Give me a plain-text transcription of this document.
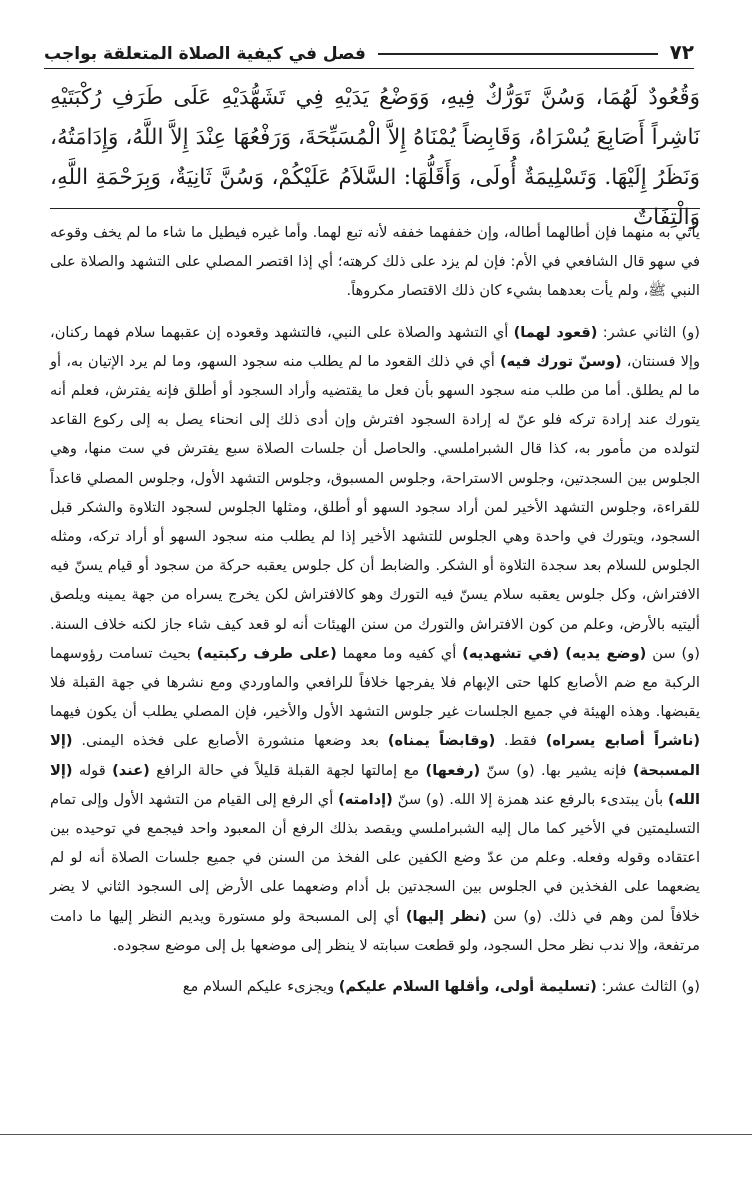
٧٢
فصل في كيفية الصلاة المتعلقة بواجب
وَقُعُودٌ لَهُمَا، وَسُنَّ تَوَرُّكٌ فِيهِ، وَوَضْعُ يَدَيْهِ فِي تَشَهُّدَيْهِ عَلَى طَرَفِ رُكْبَتَيْهِ نَاشِراً أَصَابِعَ يُسْرَاهُ، وَقَابِضاً يُمْنَاهُ إِلاَّ الْمُسَبِّحَةَ، وَرَفْعُهَا عِنْدَ إِلاَّ اللَّهُ، وَإِدَامَتُهُ، وَنَظَرُ إِلَيْهَا. وَتَسْلِيمَةٌ أُولَى، وَأَقَلُّهَا: السَّلاَمُ عَلَيْكُمْ، وَسُنَّ ثَانِيَةٌ، وَبِرَحْمَةِ اللَّهِ، وَالْتِفَاتٌ

يأتي به منهما فإن أطالهما أطاله، وإن خففهما خففه لأنه تبع لهما. وأما غيره فيطيل ما شاء ما لم يخف وقوعه في سهو قال الشافعي في الأم: فإن لم يزد على ذلك كرهته؛ أي إذا اقتصر المصلي على التشهد والصلاة على النبي ﷺ، ولم يأت بعدهما بشيء كان ذلك الاقتصار مكروهاً.

(و) الثاني عشر: (قعود لهما) أي التشهد والصلاة على النبي، فالتشهد وقعوده إن عقبهما سلام فهما ركنان، وإلا فسنتان، (وسنّ تورك فيه) أي في ذلك القعود ما لم يطلب منه سجود السهو، وما لم يرد الإتيان به، أو ما لم يطلق. أما من طلب منه سجود السهو بأن فعل ما يقتضيه وأراد السجود أو أطلق فإنه يفترش، فعلم أنه يتورك عند إرادة تركه فلو عنّ له إرادة السجود افترش وإن أدى ذلك إلى انحناء يصل به إلى ركوع القاعد لتولده من مأمور به، كذا قال الشبراملسي. والحاصل أن جلسات الصلاة سبع يفترش في ست منها، وهي الجلوس بين السجدتين، وجلوس الاستراحة، وجلوس المسبوق، وجلوس التشهد الأول، وجلوس المصلي قاعداً للقراءة، وجلوس التشهد الأخير لمن أراد سجود السهو أو أطلق، ومثلها الجلوس لسجود التلاوة والشكر قبل السجود، ويتورك في واحدة وهي الجلوس للتشهد الأخير إذا لم يطلب منه سجود السهو أو أراد تركه، ومثله الجلوس للسلام بعد سجدة التلاوة أو الشكر. والضابط أن كل جلوس يعقبه حركة من سجود أو قيام يسنّ فيه الافتراش، وكل جلوس يعقبه سلام يسنّ فيه التورك وهو كالافتراش لكن يخرج يسراه من جهة يمينه ويلصق أليتيه بالأرض، وعلم من كون الافتراش والتورك من سنن الهيئات أنه لو قعد كيف شاء جاز لكنه خلاف السنة. (و) سن (وضع يديه) (في تشهديه) أي كفيه وما معهما (على طرف ركبتيه) بحيث تسامت رؤوسهما الركبة مع ضم الأصابع كلها حتى الإبهام فلا يفرجها خلافاً للرافعي والماوردي ومع نشرها في جهة القبلة فلا يقبضها. وهذه الهيئة في جميع الجلسات غير جلوس التشهد الأول والأخير، فإن المصلي يطلب أن يكون فيهما (ناشراً أصابع يسراه) فقط. (وقابضاً يمناه) بعد وضعها منشورة الأصابع على فخذه اليمنى. (إلا المسبحة) فإنه يشير بها. (و) سنّ (رفعها) مع إمالتها لجهة القبلة قليلاً في حالة الرافع (عند) قوله (إلا الله) بأن يبتدىء بالرفع عند همزة إلا الله. (و) سنّ (إدامته) أي الرفع إلى القيام من التشهد الأول وإلى تمام التسليمتين في الأخير كما مال إليه الشبراملسي ويقصد بذلك الرفع أن المعبود واحد فيجمع في توحيده بين اعتقاده وقوله وفعله. وعلم من عدّ وضع الكفين على الفخذ من السنن في جميع جلسات الصلاة أنه لو لم يضعهما على الفخذين في الجلوس بين السجدتين بل أدام وضعهما على الأرض إلى السجود الثاني لا يضر خلافاً لمن وهم في ذلك. (و) سن (نظر إليها) أي إلى المسبحة ولو مستورة ويديم النظر إليها ما دامت مرتفعة، وإلا ندب نظر محل السجود، ولو قطعت سبابته لا ينظر إلى موضعها بل إلى موضع سجوده.

(و) الثالث عشر: (تسليمة أولى، وأقلها السلام عليكم) ويجزىء عليكم السلام مع
